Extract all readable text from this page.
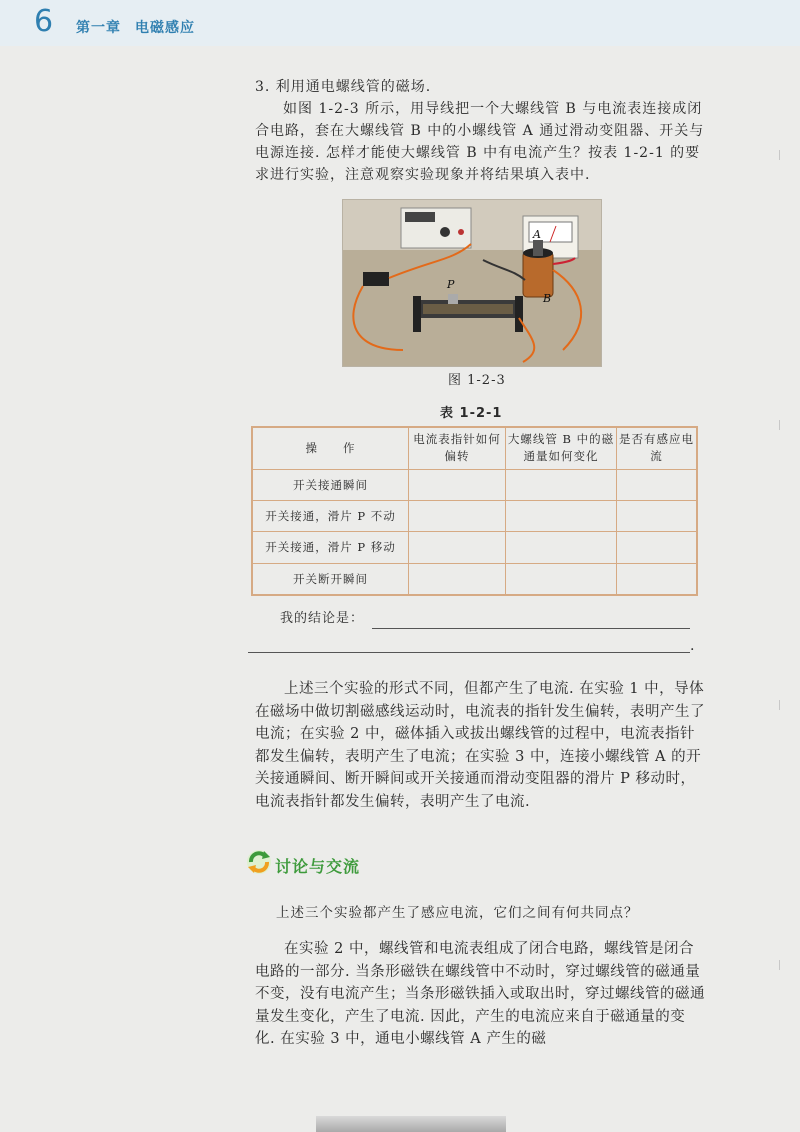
6 第一章 电磁感应
3. 利用通电螺线管的磁场.
如图 1-2-3 所示，用导线把一个大螺线管 B 与电流表连接成闭合电路，套在大螺线管 B 中的小螺线管 A 通过滑动变阻器、开关与电源连接. 怎样才能使大螺线管 B 中有电流产生？按表 1-2-1 的要求进行实验，注意观察实验现象并将结果填入表中.
P
A
B
图 1-2-3
表 1-2-1
操　　作	电流表指针如何偏转	大螺线管 B 中的磁通量如何变化	是否有感应电流
开关接通瞬间			
开关接通，滑片 P 不动			
开关接通，滑片 P 移动			
开关断开瞬间			
我的结论是：
.
上述三个实验的形式不同，但都产生了电流. 在实验 1 中，导体在磁场中做切割磁感线运动时，电流表的指针发生偏转，表明产生了电流；在实验 2 中，磁体插入或拔出螺线管的过程中，电流表指针都发生偏转，表明产生了电流；在实验 3 中，连接小螺线管 A 的开关接通瞬间、断开瞬间或开关接通而滑动变阻器的滑片 P 移动时，电流表指针都发生偏转，表明产生了电流.
讨论与交流
上述三个实验都产生了感应电流，它们之间有何共同点？
在实验 2 中，螺线管和电流表组成了闭合电路，螺线管是闭合电路的一部分. 当条形磁铁在螺线管中不动时，穿过螺线管的磁通量不变，没有电流产生；当条形磁铁插入或取出时，穿过螺线管的磁通量发生变化，产生了电流. 因此，产生的电流应来自于磁通量的变化. 在实验 3 中，通电小螺线管 A 产生的磁
